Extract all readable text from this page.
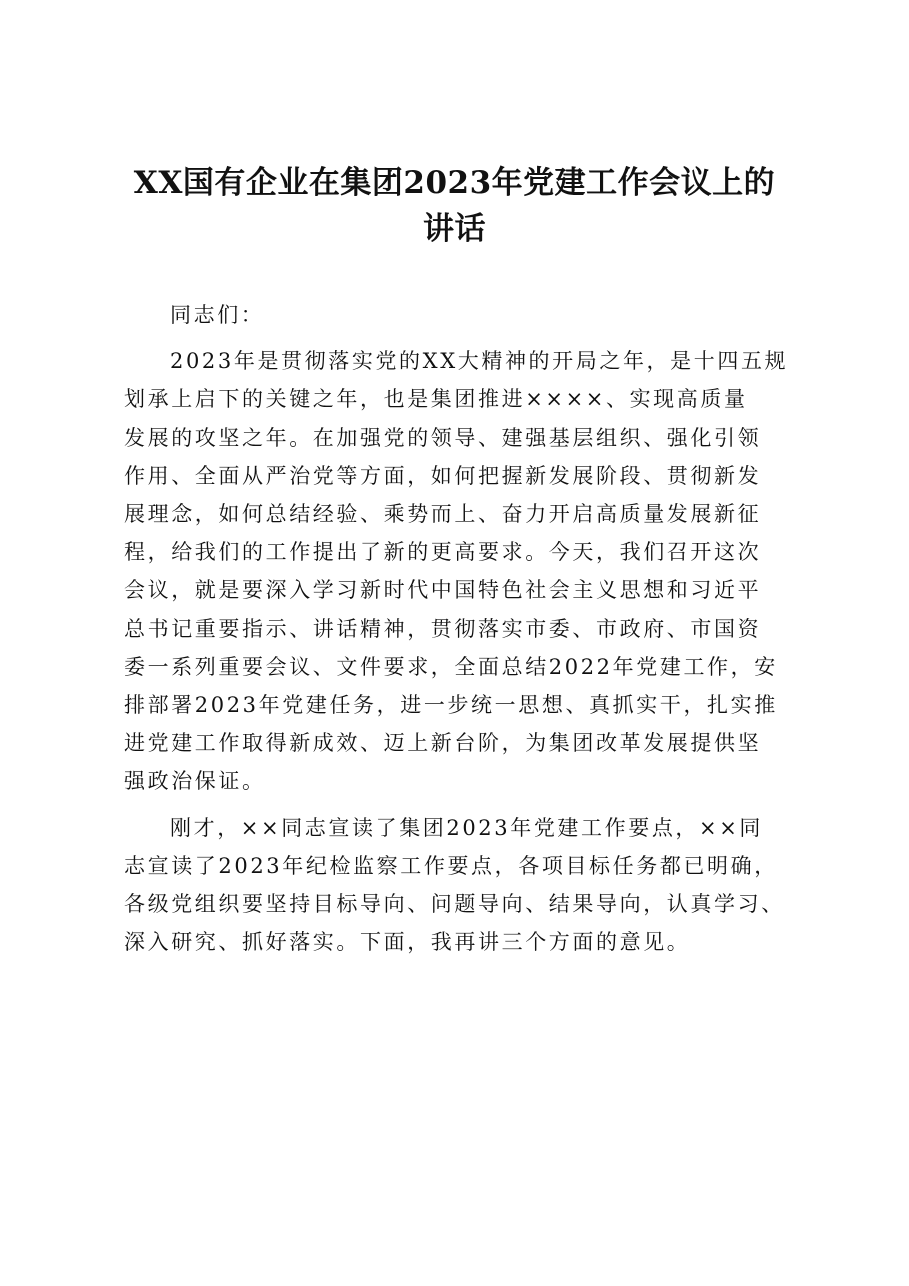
XX国有企业在集团2023年党建工作会议上的
讲话

同志们：

2023年是贯彻落实党的XX大精神的开局之年，是十四五规
划承上启下的关键之年，也是集团推进××××、实现高质量
发展的攻坚之年。在加强党的领导、建强基层组织、强化引领
作用、全面从严治党等方面，如何把握新发展阶段、贯彻新发
展理念，如何总结经验、乘势而上、奋力开启高质量发展新征
程，给我们的工作提出了新的更高要求。今天，我们召开这次
会议，就是要深入学习新时代中国特色社会主义思想和习近平
总书记重要指示、讲话精神，贯彻落实市委、市政府、市国资
委一系列重要会议、文件要求，全面总结2022年党建工作，安
排部署2023年党建任务，进一步统一思想、真抓实干，扎实推
进党建工作取得新成效、迈上新台阶，为集团改革发展提供坚
强政治保证。

刚才，××同志宣读了集团2023年党建工作要点，××同
志宣读了2023年纪检监察工作要点，各项目标任务都已明确，
各级党组织要坚持目标导向、问题导向、结果导向，认真学习、
深入研究、抓好落实。下面，我再讲三个方面的意见。
